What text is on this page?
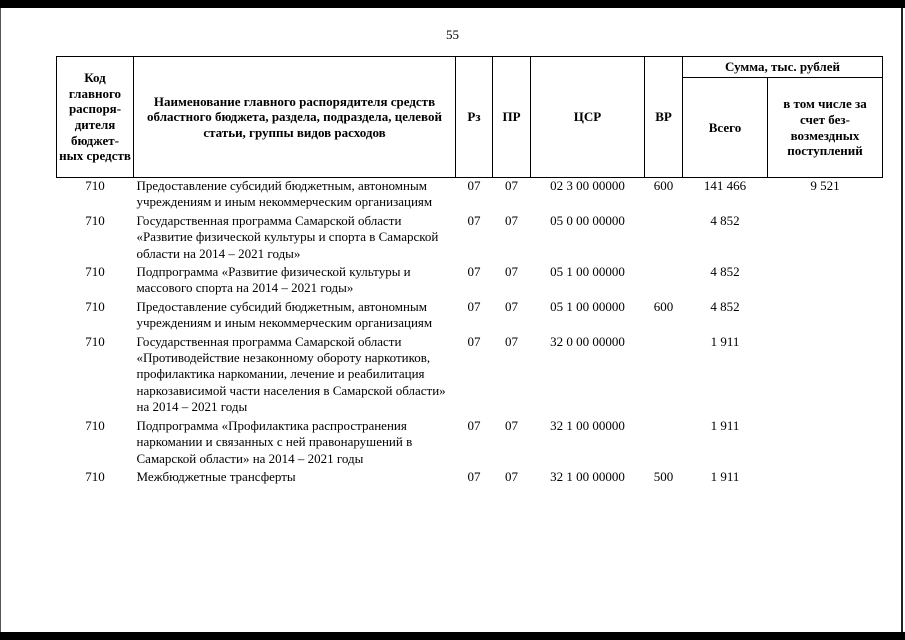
55
Код главного распоря-дителя бюджет-ных средств	Наименование главного распорядителя средств областного бюджета, раздела, подраздела, целевой статьи, группы видов расходов	Рз	ПР	ЦСР	ВР	Сумма, тыс. рублей	
						Всего	в том числе за счет без-возмездных поступлений
710	Предоставление субсидий бюджетным, автономным учреждениям и иным некоммерческим организациям	07	07	02 3 00 00000	600	141 466	9 521
710	Государственная программа Самарской области «Развитие физической культуры и спорта в Самарской области на 2014 – 2021 годы»	07	07	05 0 00 00000		4 852	
710	Подпрограмма «Развитие физической культуры и массового спорта на 2014 – 2021 годы»	07	07	05 1 00 00000		4 852	
710	Предоставление субсидий бюджетным, автономным учреждениям и иным некоммерческим организациям	07	07	05 1 00 00000	600	4 852	
710	Государственная программа Самарской области «Противодействие незаконному обороту наркотиков, профилактика наркомании, лечение и реабилитация наркозависимой части населения в Самарской области» на 2014 – 2021 годы	07	07	32 0 00 00000		1 911	
710	Подпрограмма «Профилактика распространения наркомании и связанных с ней правонарушений в Самарской области» на 2014 – 2021 годы	07	07	32 1 00 00000		1 911	
710	Межбюджетные трансферты	07	07	32 1 00 00000	500	1 911	
